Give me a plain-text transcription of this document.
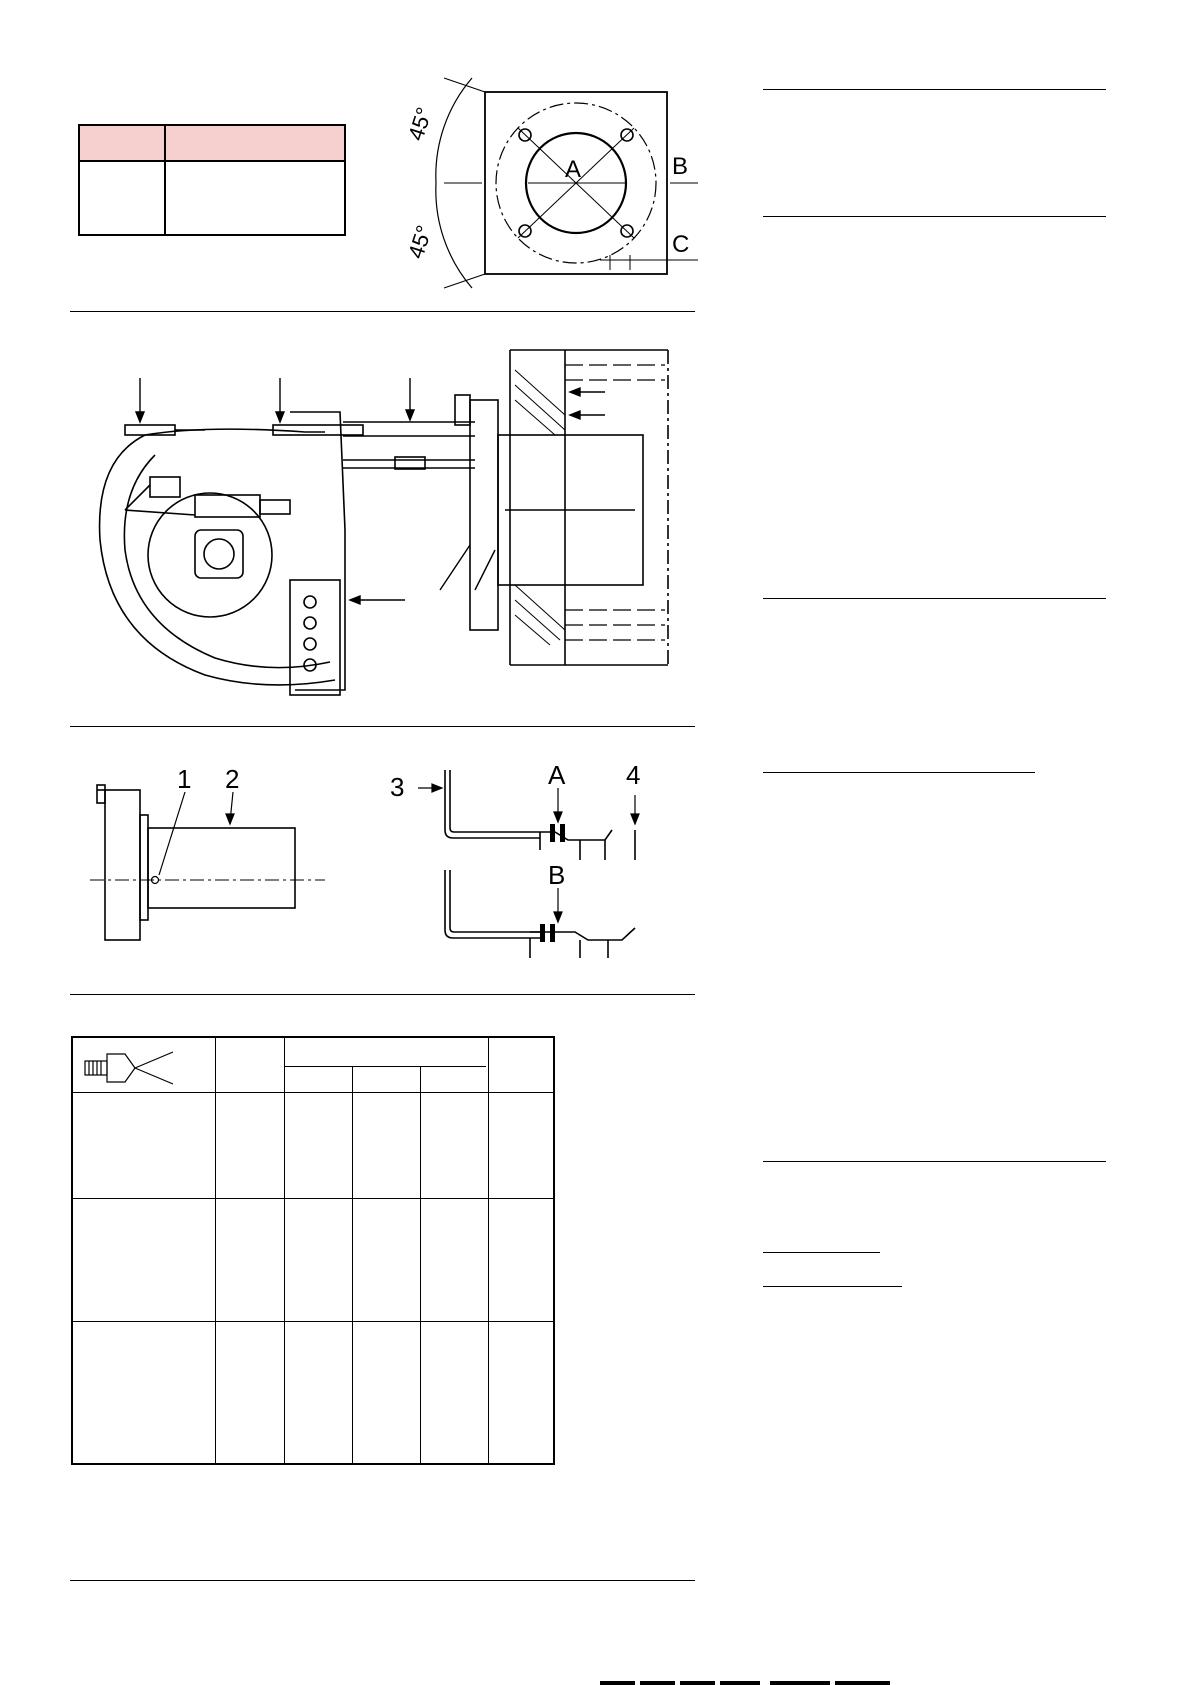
45°
45°
A	B
C
1 2	3	A 4
B
